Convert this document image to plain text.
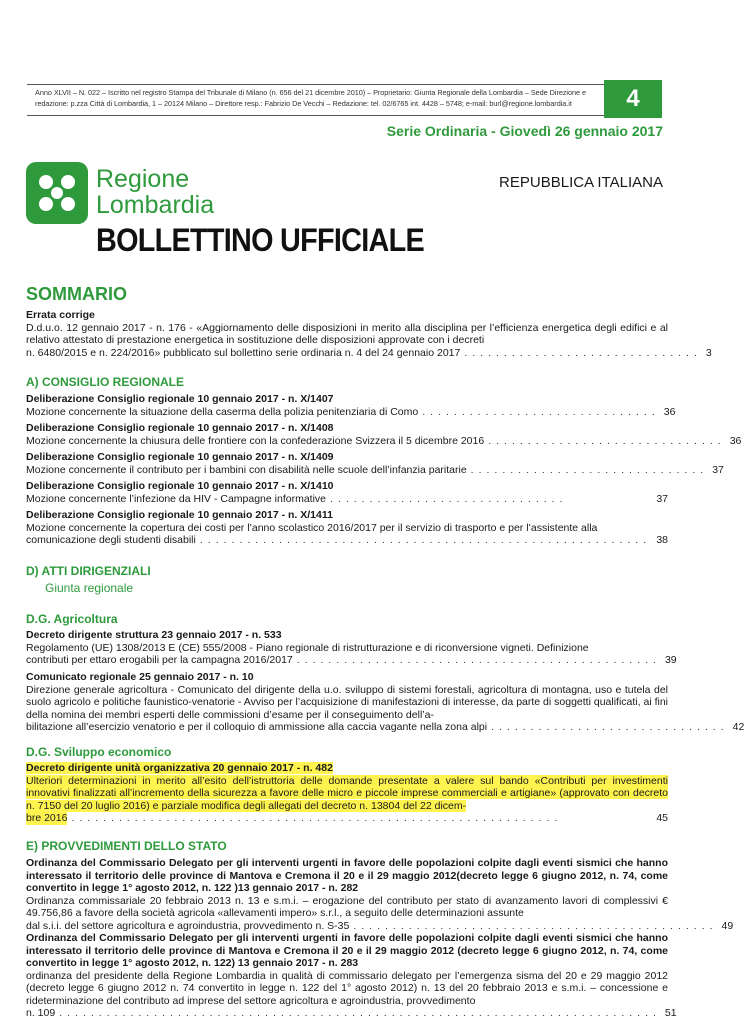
Anno XLVII – N. 022 – Iscritto nel registro Stampa del Tribunale di Milano (n. 656 del 21 dicembre 2010) – Proprietario: Giunta Regionale della Lombardia – Sede Direzione e
redazione: p.zza Città di Lombardia, 1 – 20124 Milano – Direttore resp.: Fabrizio De Vecchi – Redazione: tel. 02/6765 int. 4428 – 5748; e-mail: burl@regione.lombardia.it	4
Serie Ordinaria - Giovedì 26 gennaio 2017
Regione
Lombardia
REPUBBLICA ITALIANA
BOLLETTINO UFFICIALE
SOMMARIO
Errata corrige
D.d.u.o. 12 gennaio 2017 - n. 176 - «Aggiornamento delle disposizioni in merito alla disciplina per l’efficienza energetica degli edifici e al relativo attestato di prestazione energetica in sostituzione delle disposizioni approvate con i decreti
n. 6480/2015 e n. 224/2016» pubblicato sul bollettino serie ordinaria n. 4 del 24 gennaio 2017 .............................. 3
A) CONSIGLIO REGIONALE
Deliberazione Consiglio regionale 10 gennaio 2017 - n. X/1407
Mozione concernente la situazione della caserma della polizia penitenziaria di Como .............................. 36
Deliberazione Consiglio regionale 10 gennaio 2017 - n. X/1408
Mozione concernente la chiusura delle frontiere con la confederazione Svizzera il 5 dicembre 2016 .............................. 36
Deliberazione Consiglio regionale 10 gennaio 2017 - n. X/1409
Mozione concernente il contributo per i bambini con disabilità nelle scuole dell’infanzia paritarie .............................. 37
Deliberazione Consiglio regionale 10 gennaio 2017 - n. X/1410
Mozione concernente l’infezione da HIV - Campagne informative ..............................	37
Deliberazione Consiglio regionale 10 gennaio 2017 - n. X/1411
Mozione concernente la copertura dei costi per l’anno scolastico 2016/2017 per il servizio di trasporto e per l’assistente alla
comunicazione degli studenti disabili ......................................................... 38
D) ATTI DIRIGENZIALI
Giunta regionale
D.G. Agricoltura
Decreto dirigente struttura 23 gennaio 2017 - n. 533
Regolamento (UE) 1308/2013 E (CE) 555/2008 - Piano regionale di ristrutturazione e di riconversione vigneti. Definizione
contributi per ettaro erogabili per la campagna 2016/2017 .............................................. 39
Comunicato regionale 25 gennaio 2017 - n. 10
Direzione generale agricoltura - Comunicato del dirigente della u.o. sviluppo di sistemi forestali, agricoltura di montagna, uso e tutela del suolo agricolo e politiche faunistico-venatorie - Avviso per l’acquisizione di manifestazioni di interesse, da parte di soggetti qualificati, ai fini della nomina dei membri esperti delle commissioni d’esame per il conseguimento dell’a-
bilitazione all’esercizio venatorio e per il colloquio di ammissione alla caccia vagante nella zona alpi .............................. 42
D.G. Sviluppo economico
Decreto dirigente unità organizzativa 20 gennaio 2017 - n. 482
Ulteriori determinazioni in merito all’esito dell’istruttoria delle domande presentate a valere sul bando «Contributi per investimenti innovativi finalizzati all’incremento della sicurezza a favore delle micro e piccole imprese commerciali e artigiane» (approvato con decreto n. 7150 del 20 luglio 2016) e parziale modifica degli allegati del decreto n. 13804 del 22 dicem-
bre 2016 ..............................................................	45
E) PROVVEDIMENTI DELLO STATO
Ordinanza del Commissario Delegato per gli interventi urgenti in favore delle popolazioni colpite dagli eventi sismici che hanno interessato il territorio delle province di Mantova e Cremona il 20 e il 29 maggio 2012(decreto legge 6 giugno 2012, n. 74, come convertito in legge 1° agosto 2012, n. 122 )13 gennaio 2017 - n. 282
Ordinanza commissariale 20 febbraio 2013 n. 13 e s.m.i. – erogazione del contributo per stato di avanzamento lavori di complessivi € 49.756,86 a favore della società agricola «allevamenti impero» s.r.l., a seguito delle determinazioni assunte
dal s.i.i. del settore agricoltura e agroindustria, provvedimento n. S-35 .............................................. 49
Ordinanza del Commissario Delegato per gli interventi urgenti in favore delle popolazioni colpite dagli eventi sismici che hanno interessato il territorio delle province di Mantova e Cremona il 20 e il 29 maggio 2012 (decreto legge 6 giugno 2012, n. 74, come convertito in legge 1° agosto 2012, n. 122) 13 gennaio 2017 - n. 283
ordinanza del presidente della Regione Lombardia in qualità di commissario delegato per l’emergenza sisma del 20 e 29 maggio 2012 (decreto legge 6 giugno 2012 n. 74 convertito in legge n. 122 del 1° agosto 2012) n. 13 del 20 febbraio 2013 e s.m.i. – concessione e rideterminazione del contributo ad imprese del settore agricoltura e agroindustria, provvedimento
n. 109 ............................................................................ 51
